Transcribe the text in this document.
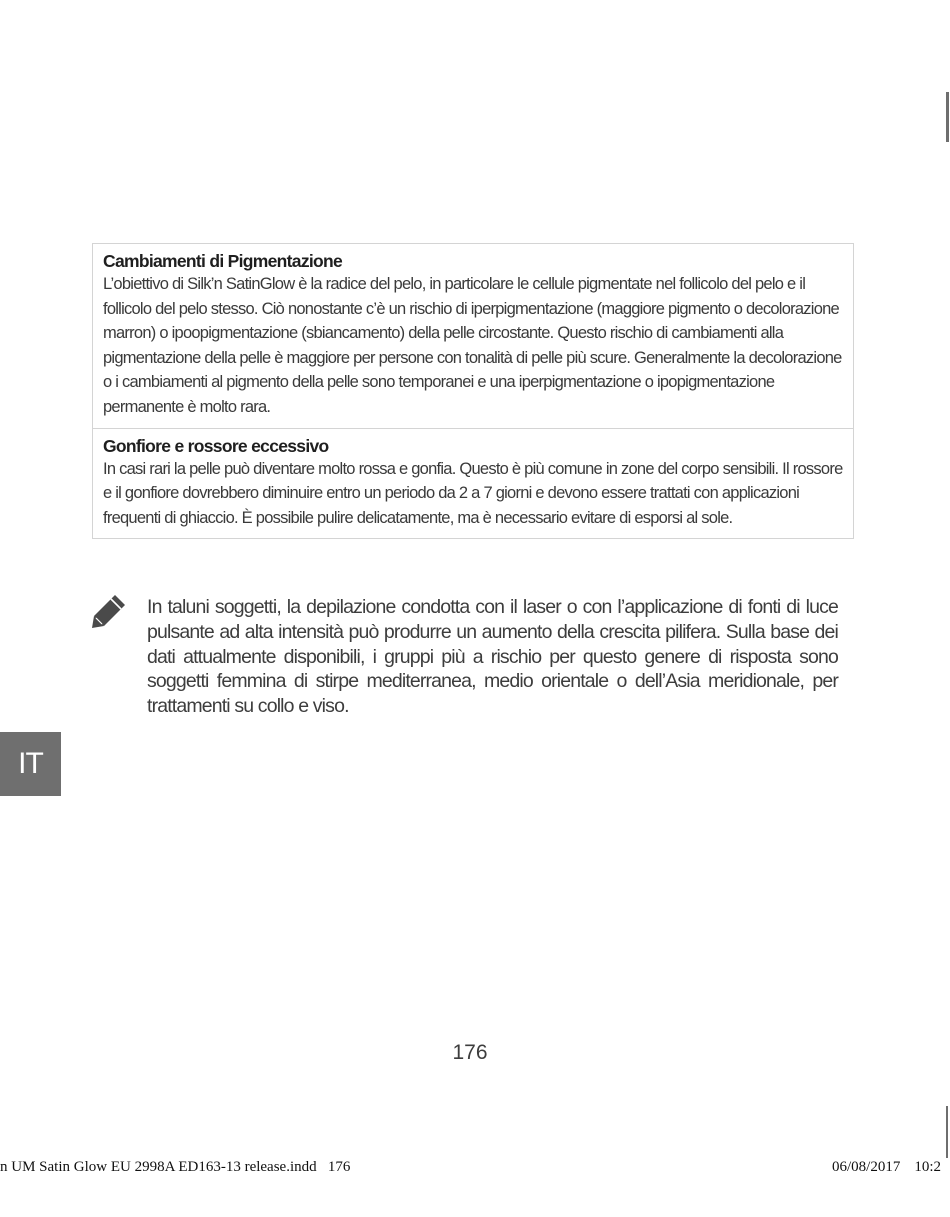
Cambiamenti di Pigmentazione

L’obiettivo di Silk’n SatinGlow è la radice del pelo, in particolare le cellule pigmentate nel follicolo del pelo e il follicolo del pelo stesso. Ciò nonostante c’è un rischio di iperpigmentazione (maggiore pigmento o decolorazione marron) o ipoopigmentazione (sbiancamento) della pelle circostante. Questo rischio di cambiamenti alla pigmentazione della pelle è maggiore per persone con tonalità di pelle più scure. Generalmente la decolorazione o i cambiamenti al pigmento della pelle sono temporanei e una iperpigmentazione o ipopigmentazione permanente è molto rara.

Gonfiore e rossore eccessivo

In casi rari la pelle può diventare molto rossa e gonfia. Questo è più comune in zone del corpo sensibili. Il rossore e il gonfiore dovrebbero diminuire entro un periodo da 2 a 7 giorni e devono essere trattati con applicazioni frequenti di ghiaccio. È possibile pulire delicatamente, ma è necessario evitare di esporsi al sole.

In taluni soggetti, la depilazione condotta con il laser o con l’applicazione di fonti di luce pulsante ad alta intensità può produrre un aumento della crescita pilifera. Sulla base dei dati attualmente disponibili, i gruppi più a rischio per questo genere di risposta sono soggetti femmina di stirpe mediterranea, medio orientale o dell’Asia meridionale, per trattamenti su collo e viso.

IT
176
n UM Satin Glow EU 2998A ED163-13 release.indd 176	06/08/2017 10:2
